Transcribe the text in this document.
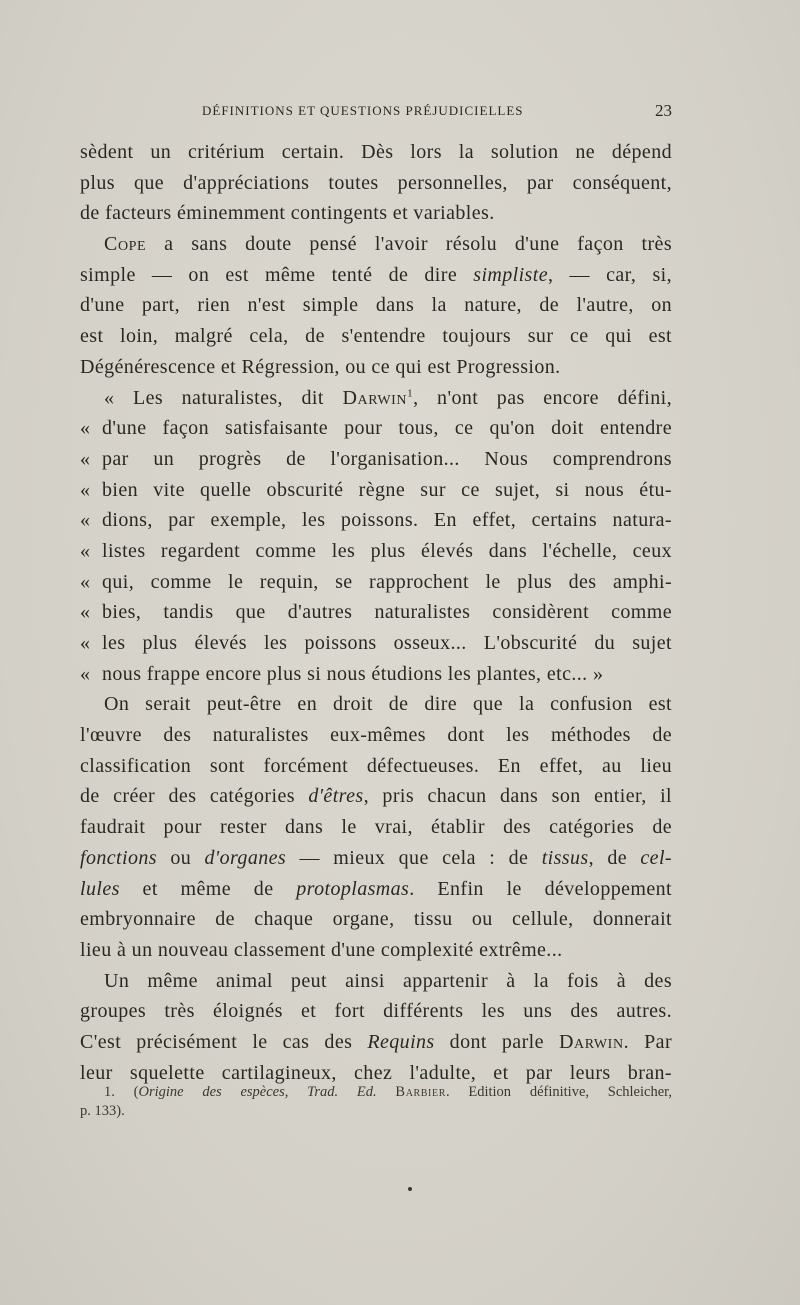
DÉFINITIONS ET QUESTIONS PRÉJUDICIELLES	23
sèdent un critérium certain. Dès lors la solution ne dépend
plus que d'appréciations toutes personnelles, par conséquent,
de facteurs éminemment contingents et variables.
Cope a sans doute pensé l'avoir résolu d'une façon très
simple — on est même tenté de dire simpliste, — car, si,
d'une part, rien n'est simple dans la nature, de l'autre, on
est loin, malgré cela, de s'entendre toujours sur ce qui est
Dégénérescence et Régression, ou ce qui est Progression.
« Les naturalistes, dit Darwin$^1$, n'ont pas encore défini,
« d'une façon satisfaisante pour tous, ce qu'on doit entendre
« par un progrès de l'organisation... Nous comprendrons
« bien vite quelle obscurité règne sur ce sujet, si nous étu-
« dions, par exemple, les poissons. En effet, certains natura-
« listes regardent comme les plus élevés dans l'échelle, ceux
« qui, comme le requin, se rapprochent le plus des amphi-
« bies, tandis que d'autres naturalistes considèrent comme
« les plus élevés les poissons osseux... L'obscurité du sujet
« nous frappe encore plus si nous étudions les plantes, etc... »
On serait peut-être en droit de dire que la confusion est
l'œuvre des naturalistes eux-mêmes dont les méthodes de
classification sont forcément défectueuses. En effet, au lieu
de créer des catégories d'êtres, pris chacun dans son entier, il
faudrait pour rester dans le vrai, établir des catégories de
fonctions ou d'organes — mieux que cela : de tissus, de cel-
lules et même de protoplasmas. Enfin le développement
embryonnaire de chaque organe, tissu ou cellule, donnerait
lieu à un nouveau classement d'une complexité extrême...
Un même animal peut ainsi appartenir à la fois à des
groupes très éloignés et fort différents les uns des autres.
C'est précisément le cas des Requins dont parle Darwin. Par
leur squelette cartilagineux, chez l'adulte, et par leurs bran-
1. (Origine des espèces, Trad. Ed. Barbier. Edition définitive, Schleicher,
p. 133).
